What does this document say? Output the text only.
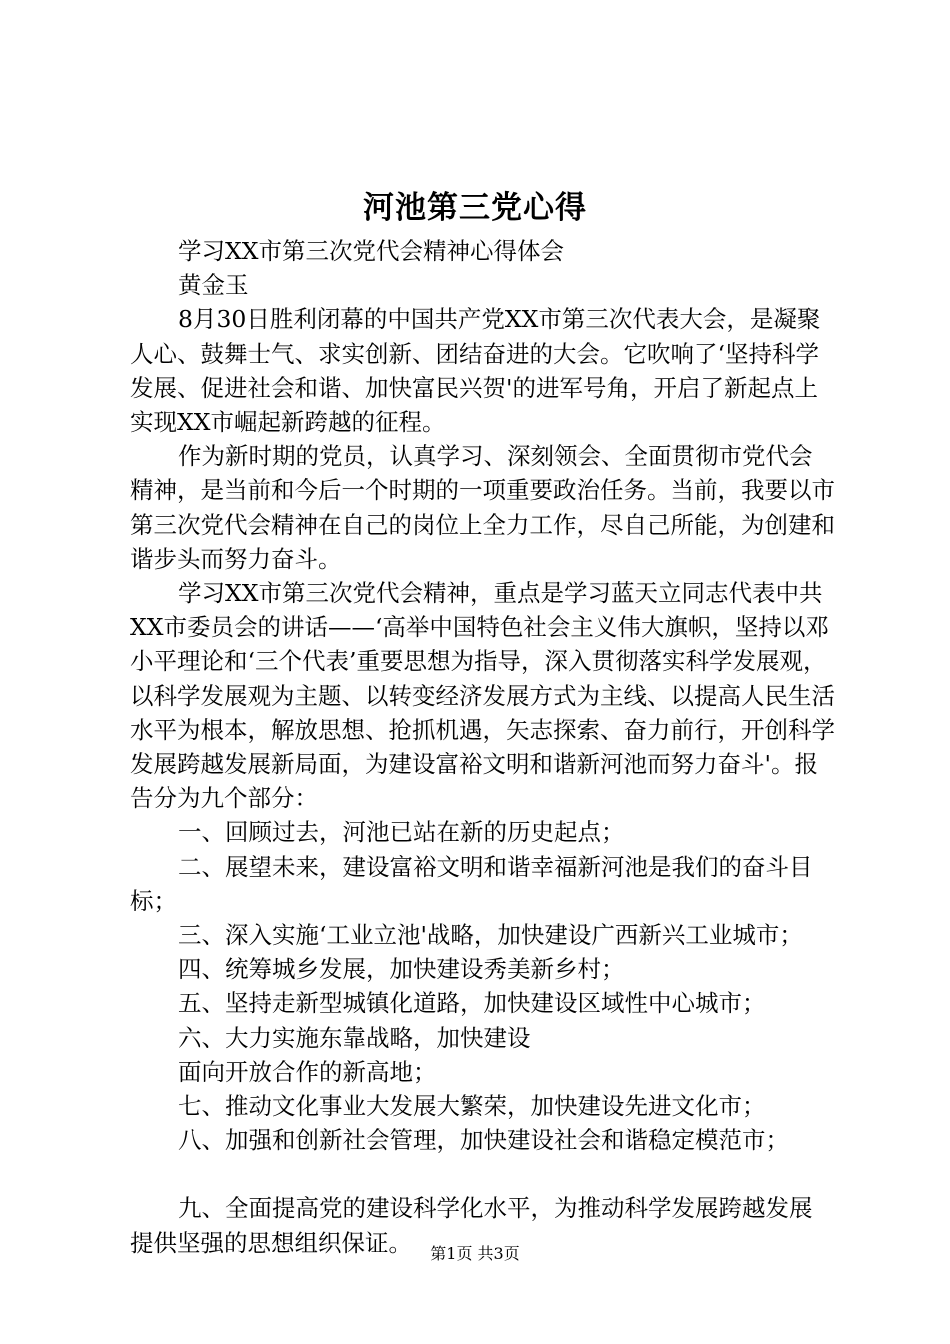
河池第三党心得

学习XX市第三次党代会精神心得体会

黄金玉

8月30日胜利闭幕的中国共产党XX市第三次代表大会，是凝聚人心、鼓舞士气、求实创新、团结奋进的大会。它吹响了‘坚持科学发展、促进社会和谐、加快富民兴贺'的进军号角，开启了新起点上实现XX市崛起新跨越的征程。

作为新时期的党员，认真学习、深刻领会、全面贯彻市党代会精神，是当前和今后一个时期的一项重要政治任务。当前，我要以市第三次党代会精神在自己的岗位上全力工作，尽自己所能，为创建和谐步头而努力奋斗。

学习XX市第三次党代会精神，重点是学习蓝天立同志代表中共XX市委员会的讲话——‘高举中国特色社会主义伟大旗帜，坚持以邓小平理论和‘三个代表’重要思想为指导，深入贯彻落实科学发展观，以科学发展观为主题、以转变经济发展方式为主线、以提高人民生活水平为根本，解放思想、抢抓机遇，矢志探索、奋力前行，开创科学发展跨越发展新局面，为建设富裕文明和谐新河池而努力奋斗'。报告分为九个部分：

一、回顾过去，河池已站在新的历史起点；

二、展望未来，建设富裕文明和谐幸福新河池是我们的奋斗目标；

三、深入实施‘工业立池'战略，加快建设广西新兴工业城市；

四、统筹城乡发展，加快建设秀美新乡村；

五、坚持走新型城镇化道路，加快建设区域性中心城市；

六、大力实施东靠战略，加快建设

面向开放合作的新高地；

七、推动文化事业大发展大繁荣，加快建设先进文化市；

八、加强和创新社会管理，加快建设社会和谐稳定模范市；

九、全面提高党的建设科学化水平，为推动科学发展跨越发展提供坚强的思想组织保证。	第1页 共3页
